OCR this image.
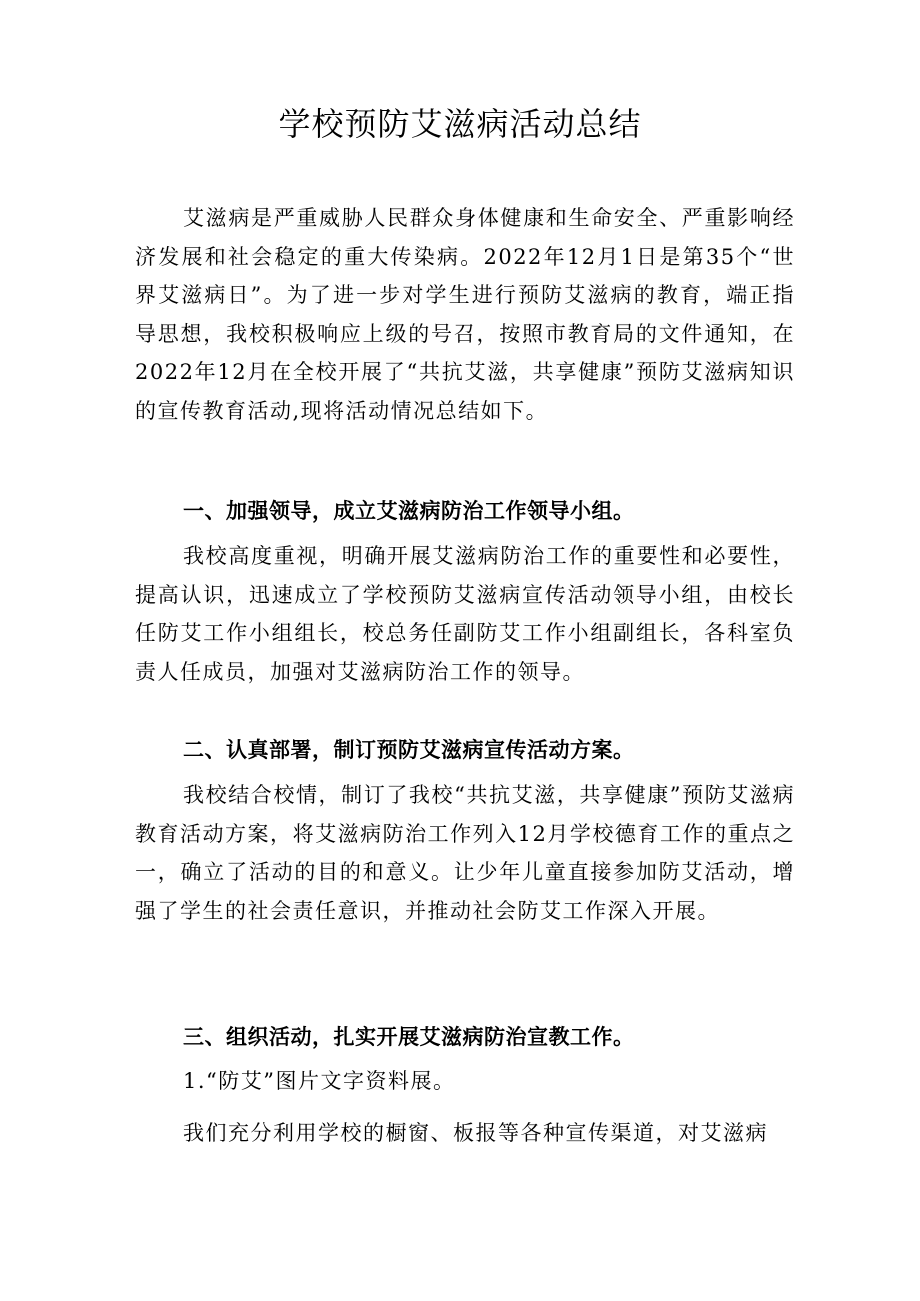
学校预防艾滋病活动总结

艾滋病是严重威胁人民群众身体健康和生命安全、严重影响经济发展和社会稳定的重大传染病。2022年12月1日是第35个“世界艾滋病日”。为了进一步对学生进行预防艾滋病的教育，端正指导思想，我校积极响应上级的号召，按照市教育局的文件通知，在2022年12月在全校开展了“共抗艾滋，共享健康”预防艾滋病知识的宣传教育活动,现将活动情况总结如下。

一、加强领导，成立艾滋病防治工作领导小组。

我校高度重视，明确开展艾滋病防治工作的重要性和必要性，提高认识，迅速成立了学校预防艾滋病宣传活动领导小组，由校长任防艾工作小组组长，校总务任副防艾工作小组副组长，各科室负责人任成员，加强对艾滋病防治工作的领导。

二、认真部署，制订预防艾滋病宣传活动方案。

我校结合校情，制订了我校“共抗艾滋，共享健康”预防艾滋病教育活动方案，将艾滋病防治工作列入12月学校德育工作的重点之一，确立了活动的目的和意义。让少年儿童直接参加防艾活动，增强了学生的社会责任意识，并推动社会防艾工作深入开展。

三、组织活动，扎实开展艾滋病防治宣教工作。

1.“防艾”图片文字资料展。

我们充分利用学校的橱窗、板报等各种宣传渠道，对艾滋病
